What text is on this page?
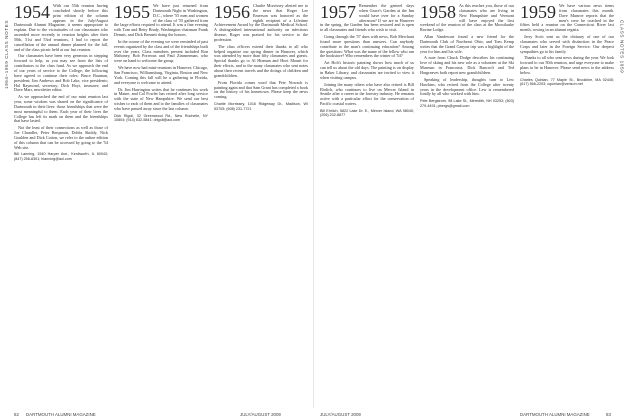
1954–1959 CLASS NOTES	CLASS NOTES 1959
1954 With our 55th reunion having concluded shortly before this print edition of the column appears in the July/August Dartmouth Alumni Magazine, it seems appropriate to explain. Due to the vicissitudes of our classmates who ascended more recently to reunion heights after their 50th, 51st and 53rd reunions, I had to report the cancellation of the annual dinner planned for the fall, and of the class picnic held at our last reunion.

Our classmates have been very generous in stepping forward to help, as you may see from the lists of contributors to the class fund. As we approach the end of our years of service to the College, the following have agreed to continue their roles: Bruce Bauman, president; Jim Andrews and Bob Lake, vice presidents; Hal Raymond, secretary; Dick Hoyt, treasurer; and Dave Marr, newsletter editor.

As we approached the end of our mini reunion last year, some wisdom was shared on the significance of Dartmouth in their lives: those friendships that were the most meaningful to them. Each year of their lives the College has left its mark on them and the friendships that have lasted.

Not the least of their connections as well as those of Joe Chandler, Peter Benjamin, Dobbs Skiddy, Nick Goulden and Dick Cotton, we refer to the online edition of this column that can be accessed by going to the '54 Web site.

Bill Lanning, 1540 Harper Ave., Kenilworth, IL 60043; (847) 256-8301; hlanning@aol.com
1955 We have just returned from Dartmouth Night in Washington, D.C., where '55 men and women of the class of '55 gathered from the large efforts required to attend. It was a fine evening with Tom and Betty Brady, Washington chairman Frank Dennis, and Dick Bennett doing the honors.

In the course of the evening we were reminded of past events organized by the class and of the friendships built over the years. Class members present included Ron Mahoney, Bob Porteous and Paul Zimmerman, who were on hand to welcome the group.

We have now had mini-reunions in Hanover, Chicago, San Francisco, Williamsburg, Virginia, Boston and New York. Coming this fall will be a gathering in Florida, and everyone is welcome to attend.

Dr. Jim Harrington writes that he continues his work in Maine, and Cal Fowler has retired after long service with the state of New Hampshire. We send our best wishes to each of them and to the families of classmates who have passed away since the last column.

Dick Rigoli, 32 Greenwood Rd., New Rochelle, NY 10804; (914) 632-5841; drigoli@aol.com
1956 Charlie Morrissey alerted me to the news that Roger Lee Emerson was honored as the eighth recipient of a Lifetime Achievement Award by the Dartmouth Medical School. A distinguished international authority on infectious disease, Roger was praised for his service to the profession.

The class officers extend their thanks to all who helped organize our spring dinner in Hanover, which was attended by more than fifty classmates and guests. Special thanks go to Al Hinman and Hoot Mount for their efforts, and to the many classmates who sent notes about their recent travels and the doings of children and grandchildren.

From Florida comes word that Pete Nowack is painting again and that Sam Grant has completed a book on the history of his hometown. Please keep the news coming.

Charlie Morrissey, 1016 Ridgeway Dr., Madison, WI 53705; (608) 231-7721
1957 Remember the genteel days when Grace's Garden at the Inn would have over for a Sunday afternoon? If we are in Hanover in the spring, the Garden has been restored and is open to all classmates and friends who wish to visit.

Going through the '57 dues with news, Bob Merchant found more questions than answers. Can anybody contribute to the man's continuing education? Among the questions: What was the name of the fellow who ran the bookstore? Who remembers the winter of '54?

Art Holt's historic painting shows how much of us can tell us about the old days. The painting is on display in Baker Library, and classmates are invited to view it when visiting campus.

Joining the many others who have also retired is Bill Ehrlich, who continues to live on Mercer Island in Seattle after a career in the forestry industry. He remains active with a particular effort for the conservation of Pacific coastal waters.

Bill Ehrlich, 5822 Lake Dr. E., Mercer Island, WA 98040; (206) 232-8877
1958 As this reaches you, those of our classmates who are living in New Hampshire and Vermont will have enjoyed the first weekend of the reunion of the class at the Moosilauke Ravine Lodge.

Allan Vandewart found a new friend for the Dartmouth Club of Northeast Ohio, and Tom Kemp writes that the Grand Canyon trip was a highlight of the year for him and his wife.

A note from Chuck Dodge describes his continuing love of skiing and his new role as a volunteer at the Ski Museum in Franconia. Dick Bancroft and Ted Hargreaves both report new grandchildren.

Speaking of leadership, thoughts turn to Lew Hawkins, who retired from the College after twenty years in the development office. Lew is remembered fondly by all who worked with him.

Pete Bergstrom, 98 Lake St., Meredith, NH 03253; (603) 279-4491; pbergs@gmail.com
1959 We have various news items from classmates this month. Dave Munroe reports that the men's crew he coached in the fifties held a reunion on the Connecticut River last month, rowing in an alumni regatta.

Jerry Scott sent us the obituary of one of our classmates who served with distinction in the Peace Corps and later in the Foreign Service. Our deepest sympathies go to his family.

Thanks to all who sent news during the year. We look forward to our 50th reunion, and urge everyone to make plans to be in Hanover. Please send news to the address below.

Charles Quinlan, 77 Maple St., Brookline, MA 02445; (617) 566-2203; cquinlan@verizon.net
82 DARTMOUTH ALUMNI MAGAZINE	JULY/AUGUST 2009	JULY/AUGUST 2009	DARTMOUTH ALUMNI MAGAZINE	83
